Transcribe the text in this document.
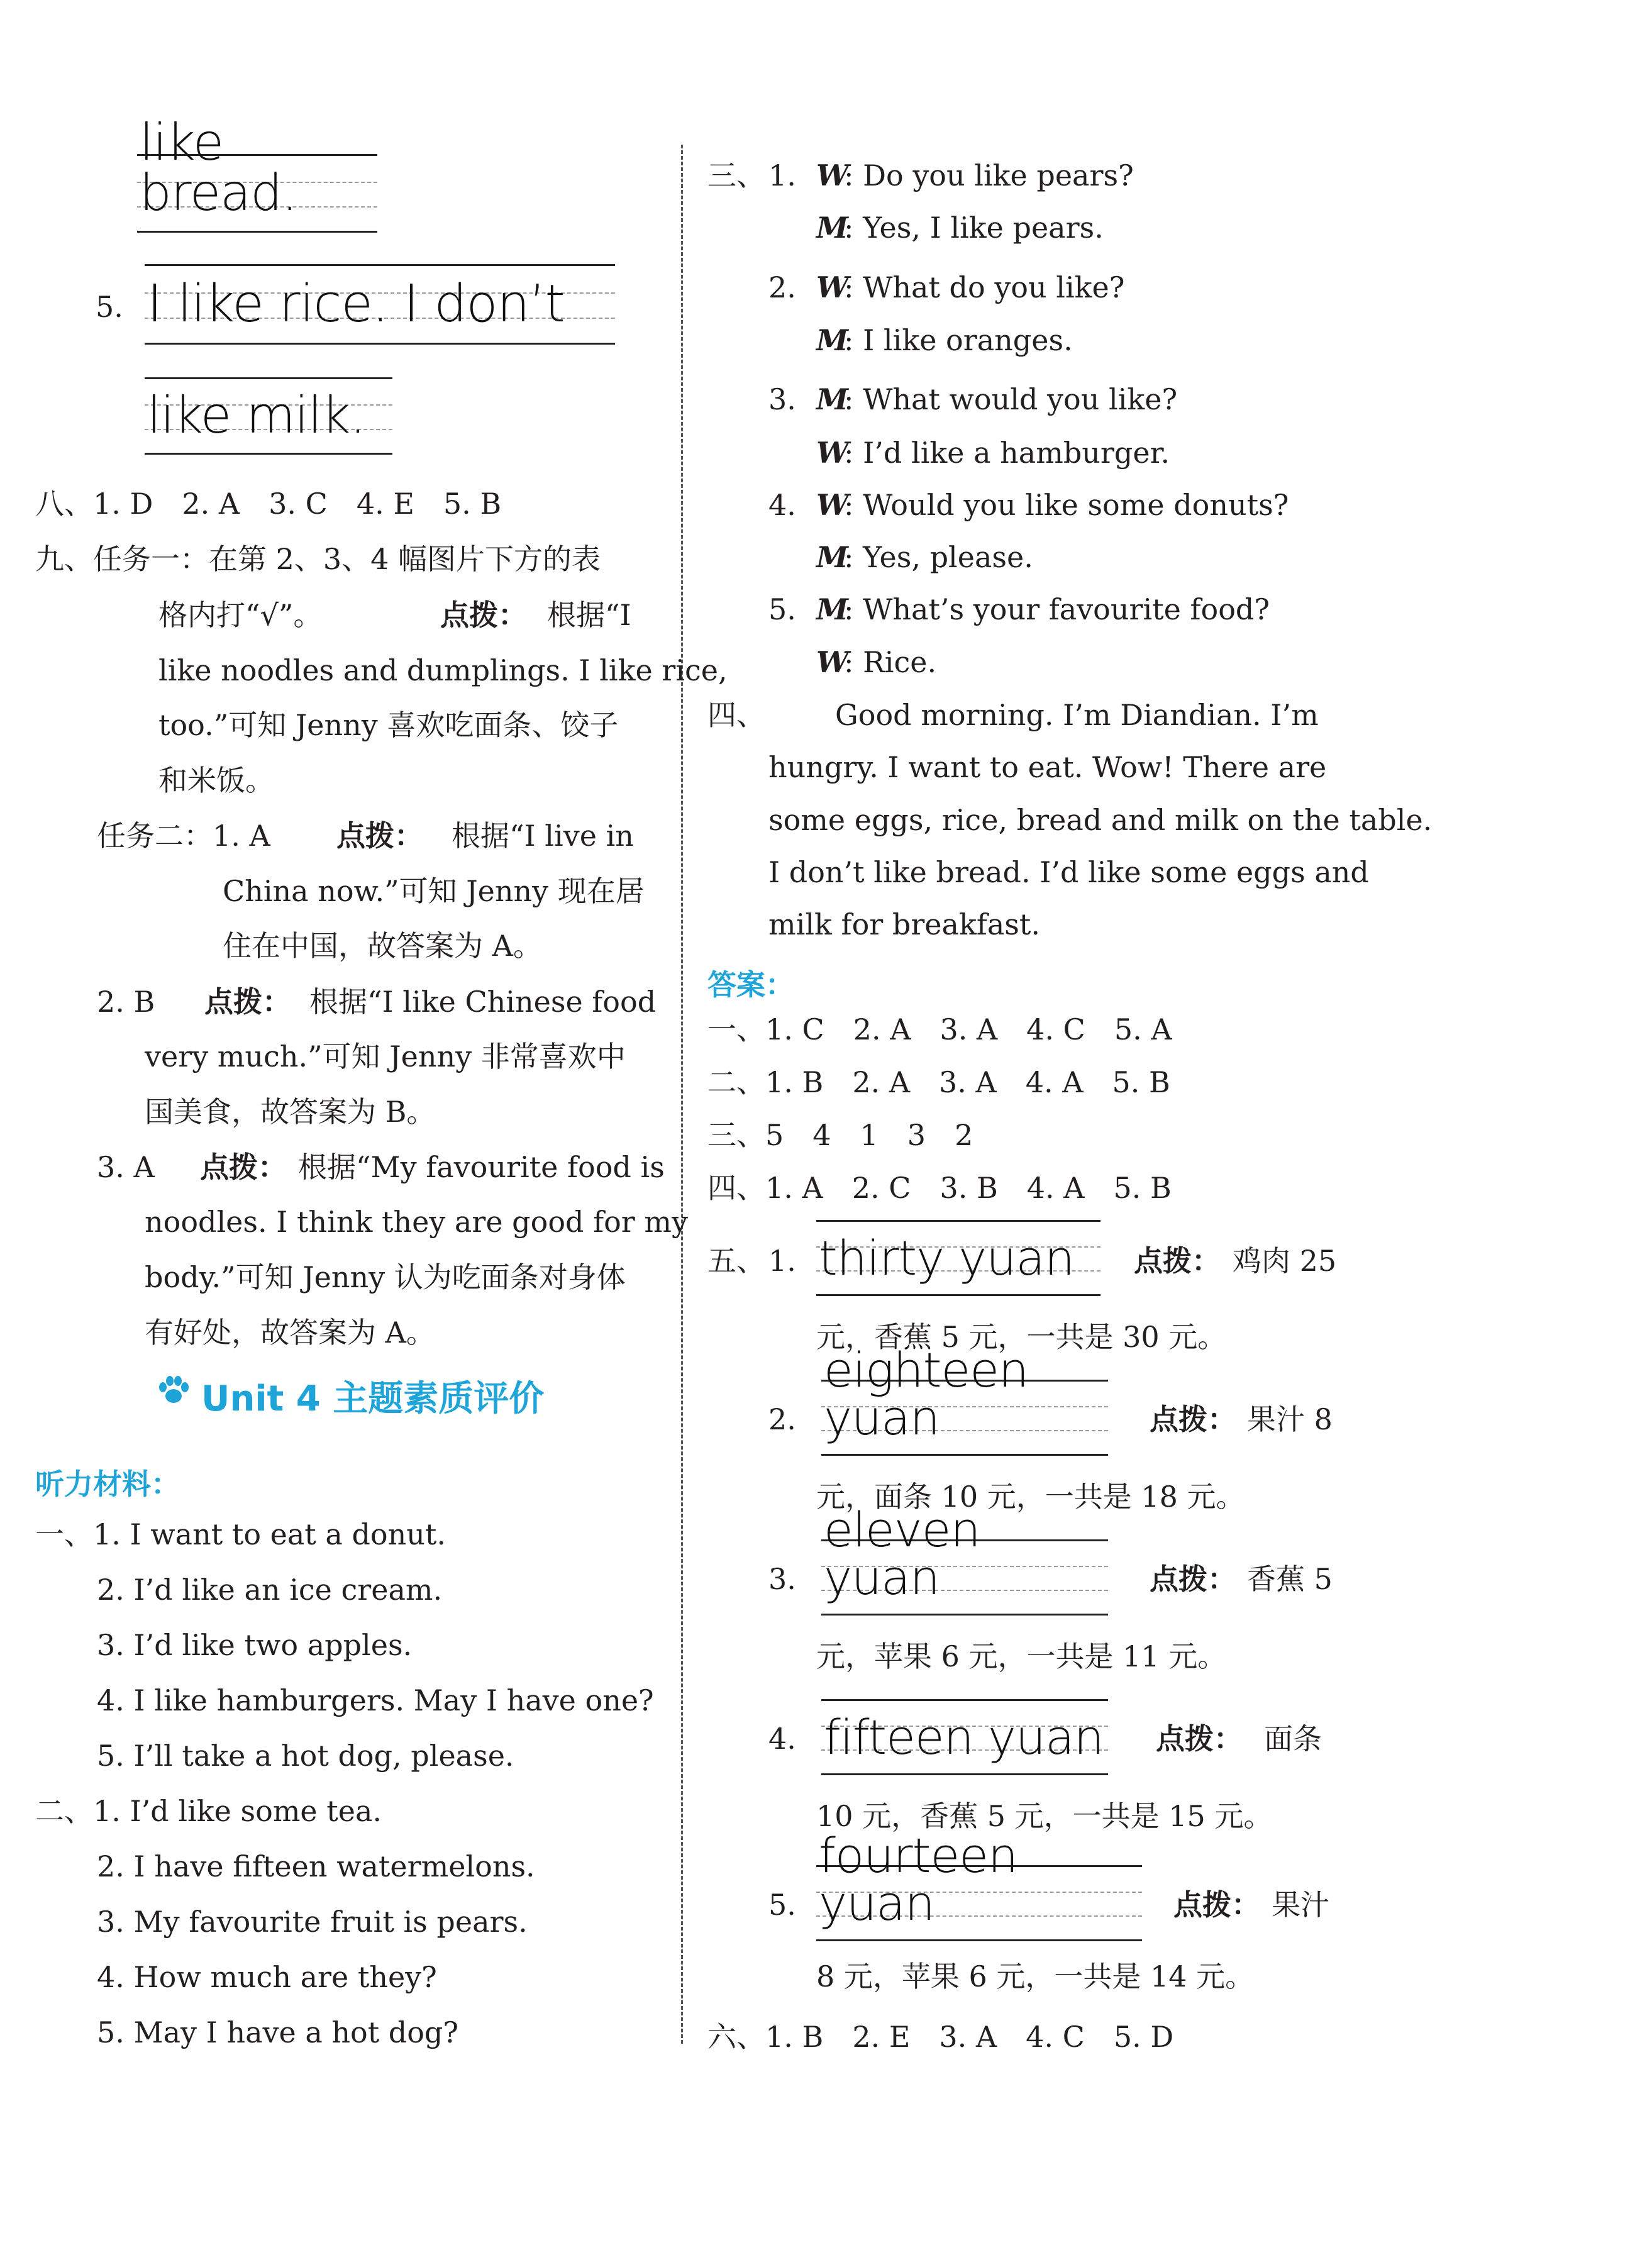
like bread.
5. I like rice. I don’t
like milk.
八、1. D　2. A　3. C　4. E　5. B
九、任务一：在第 2、3、4 幅图片下方的表
格内打“√”。	点拨： 根据“I
like noodles and dumplings. I like rice,
too.”可知 Jenny 喜欢吃面条、饺子
和米饭。
任务二：1. A 点拨： 根据“I live in
China now.”可知 Jenny 现在居
住在中国，故答案为 A。
2. B 点拨： 根据“I like Chinese food
very much.”可知 Jenny 非常喜欢中
国美食，故答案为 B。
3. A 点拨： 根据“My favourite food is
noodles. I think they are good for my
body.”可知 Jenny 认为吃面条对身体
有好处，故答案为 A。
Unit 4 主题素质评价
听力材料：
一、1. I want to eat a donut.
2. I’d like an ice cream.
3. I’d like two apples.
4. I like hamburgers. May I have one?
5. I’ll take a hot dog, please.
二、1. I’d like some tea.
2. I have fifteen watermelons.
3. My favourite fruit is pears.
4. How much are they?
5. May I have a hot dog?
三、 1. W
: Do you like pears?
M
: Yes, I like pears.
2. W
: What do you like?
M
: I like oranges.
3. M
: What would you like?
W
: I’d like a hamburger.
4. W
: Would you like some donuts?
M
: Yes, please.
5. M
: What’s your favourite food?
W
: Rice.
四、 Good morning. I’m Diandian. I’m
hungry. I want to eat. Wow! There are
some eggs, rice, bread and milk on the table.
I don’t like bread. I’d like some eggs and
milk for breakfast.
答案：
一、1. C　2. A　3. A　4. C　5. A
二、1. B　2. A　3. A　4. A　5. B
三、5　4　1　3　2
四、1. A　2. C　3. B　4. A　5. B
五、 1. thirty yuan 点拨： 鸡肉 25
元，香蕉 5 元，一共是 30 元。
2.
eighteen yuan	点拨： 果汁 8
元，面条 10 元，一共是 18 元。
3.
eleven yuan	点拨： 香蕉 5
元，苹果 6 元，一共是 11 元。
4. fifteen yuan 点拨： 面条
10 元，香蕉 5 元，一共是 15 元。
5.
fourteen yuan	点拨： 果汁
8 元，苹果 6 元，一共是 14 元。
六、1. B　2. E　3. A　4. C　5. D
